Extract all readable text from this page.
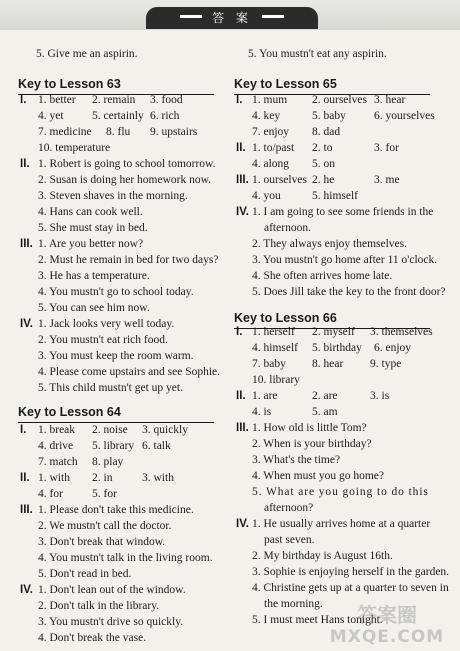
答 案
5. Give me an aspirin.
Key to Lesson 63
I.	1. better	2. remain	3. food
4. yet	5. certainly 6. rich
7. medicine	8. flu	9. upstairs
10. temperature
II. 1. Robert is going to school tomorrow.
2. Susan is doing her homework now.
3. Steven shaves in the morning.
4. Hans can cook well.
5. She must stay in bed.
III. 1. Are you better now?
2. Must he remain in bed for two days?
3. He has a temperature.
4. You mustn't go to school today.
5. You can see him now.
IV. 1. Jack looks very well today.
2. You mustn't eat rich food.
3. You must keep the room warm.
4. Please come upstairs and see Sophie.
5. This child mustn't get up yet.
Key to Lesson 64
I.	1. break	2. noise	3. quickly
4. drive	5. library 6. talk
7. match	8. play
II. 1. with	2. in	3. with
4. for	5. for
III. 1. Please don't take this medicine.
2. We mustn't call the doctor.
3. Don't break that window.
4. You mustn't talk in the living room.
5. Don't read in bed.
IV. 1. Don't lean out of the window.
2. Don't talk in the library.
3. You mustn't drive so quickly.
4. Don't break the vase.
5. You mustn't eat any aspirin.
Key to Lesson 65
I. 1. mum	2. ourselves 3. hear
4. key	5. baby	6. yourselves
7. enjoy	8. dad
II. 1. to/past	2. to	3. for
4. along	5. on
III. 1. ourselves 2. he	3. me
4. you	5. himself
IV. 1. I am going to see some friends in the
afternoon.
2. They always enjoy themselves.
3. You mustn't go home after 11 o'clock.
4. She often arrives home late.
5. Does Jill take the key to the front door?
Key to Lesson 66
I. 1. herself	2. myself	3. themselves
4. himself	5. birthday	6. enjoy
7. baby	8. hear	9. type
10. library
II. 1. are	2. are	3. is
4. is	5. am
III. 1. How old is little Tom?
2. When is your birthday?
3. What's the time?
4. When must you go home?
5. What are you going to do this
afternoon?
IV. 1. He usually arrives home at a quarter
past seven.
2. My birthday is August 16th.
3. Sophie is enjoying herself in the garden.
4. Christine gets up at a quarter to seven in
the morning.
5. I must meet Hans tonight.
答案圈
MXQE.COM
